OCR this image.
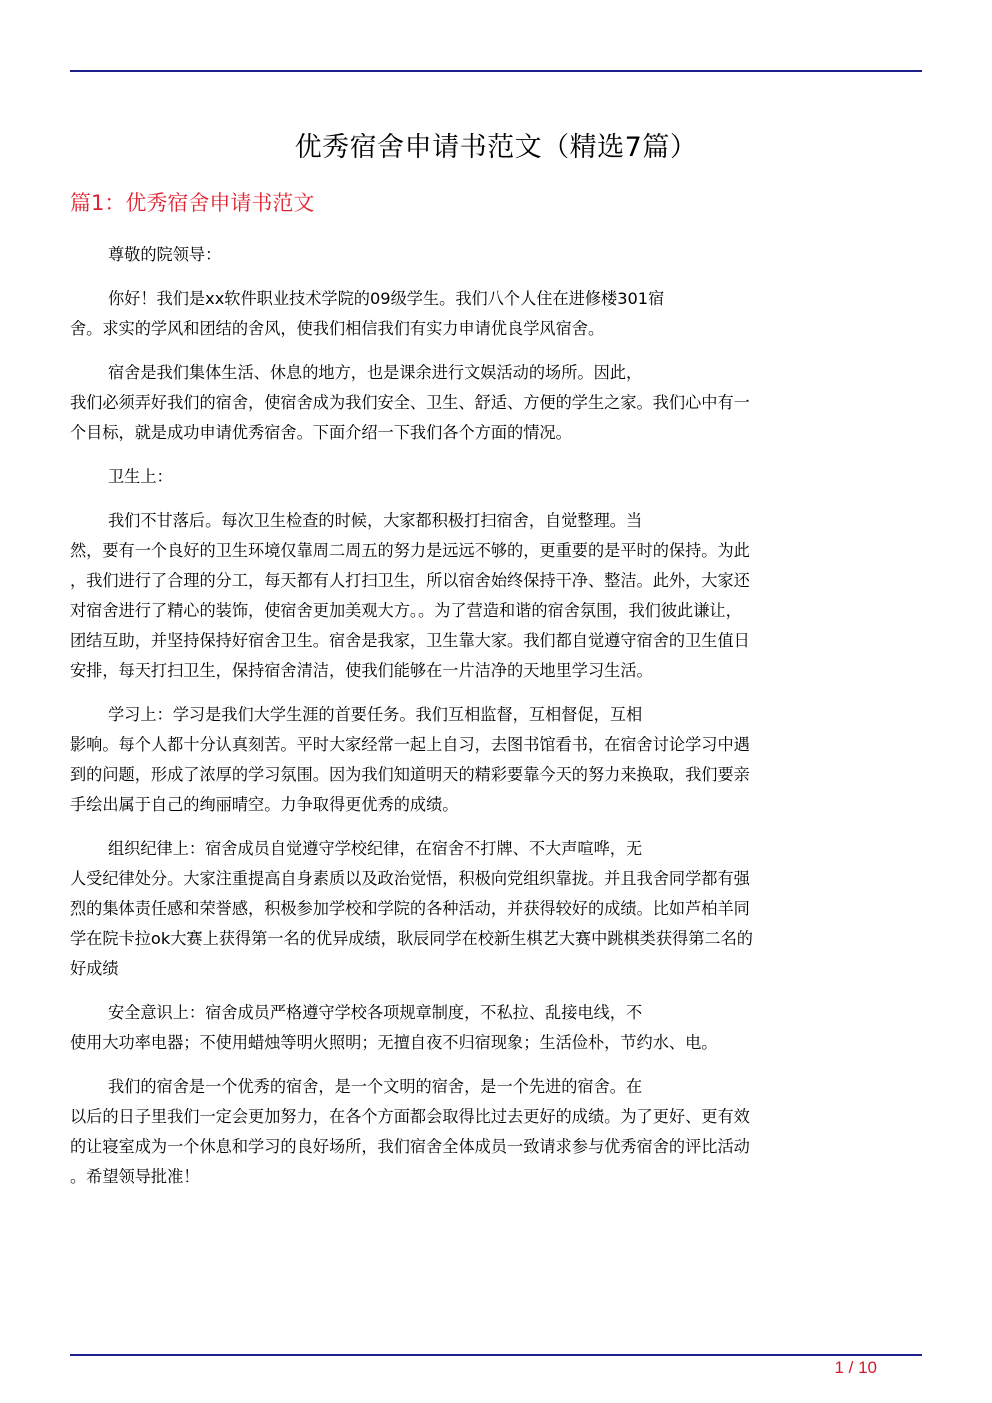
优秀宿舍申请书范文（精选7篇）
篇1：优秀宿舍申请书范文
尊敬的院领导：
你好！我们是xx软件职业技术学院的09级学生。我们八个人住在进修楼301宿
舍。求实的学风和团结的舍风，使我们相信我们有实力申请优良学风宿舍。
宿舍是我们集体生活、休息的地方，也是课余进行文娱活动的场所。因此，
我们必须弄好我们的宿舍，使宿舍成为我们安全、卫生、舒适、方便的学生之家。我们心中有一
个目标，就是成功申请优秀宿舍。下面介绍一下我们各个方面的情况。
卫生上：
我们不甘落后。每次卫生检查的时候，大家都积极打扫宿舍，自觉整理。当
然，要有一个良好的卫生环境仅靠周二周五的努力是远远不够的，更重要的是平时的保持。为此
，我们进行了合理的分工，每天都有人打扫卫生，所以宿舍始终保持干净、整洁。此外，大家还
对宿舍进行了精心的装饰，使宿舍更加美观大方。。为了营造和谐的宿舍氛围，我们彼此谦让，
团结互助，并坚持保持好宿舍卫生。宿舍是我家，卫生靠大家。我们都自觉遵守宿舍的卫生值日
安排，每天打扫卫生，保持宿舍清洁，使我们能够在一片洁净的天地里学习生活。
学习上：学习是我们大学生涯的首要任务。我们互相监督，互相督促，互相
影响。每个人都十分认真刻苦。平时大家经常一起上自习，去图书馆看书，在宿舍讨论学习中遇
到的问题，形成了浓厚的学习氛围。因为我们知道明天的精彩要靠今天的努力来换取，我们要亲
手绘出属于自己的绚丽晴空。力争取得更优秀的成绩。
组织纪律上：宿舍成员自觉遵守学校纪律，在宿舍不打牌、不大声喧哗，无
人受纪律处分。大家注重提高自身素质以及政治觉悟，积极向党组织靠拢。并且我舍同学都有强
烈的集体责任感和荣誉感，积极参加学校和学院的各种活动，并获得较好的成绩。比如芦柏羊同
学在院卡拉ok大赛上获得第一名的优异成绩，耿辰同学在校新生棋艺大赛中跳棋类获得第二名的
好成绩
安全意识上：宿舍成员严格遵守学校各项规章制度，不私拉、乱接电线，不
使用大功率电器；不使用蜡烛等明火照明；无擅自夜不归宿现象；生活俭朴，节约水、电。
我们的宿舍是一个优秀的宿舍，是一个文明的宿舍，是一个先进的宿舍。在
以后的日子里我们一定会更加努力，在各个方面都会取得比过去更好的成绩。为了更好、更有效
的让寝室成为一个休息和学习的良好场所，我们宿舍全体成员一致请求参与优秀宿舍的评比活动
。希望领导批准！
1 / 10
